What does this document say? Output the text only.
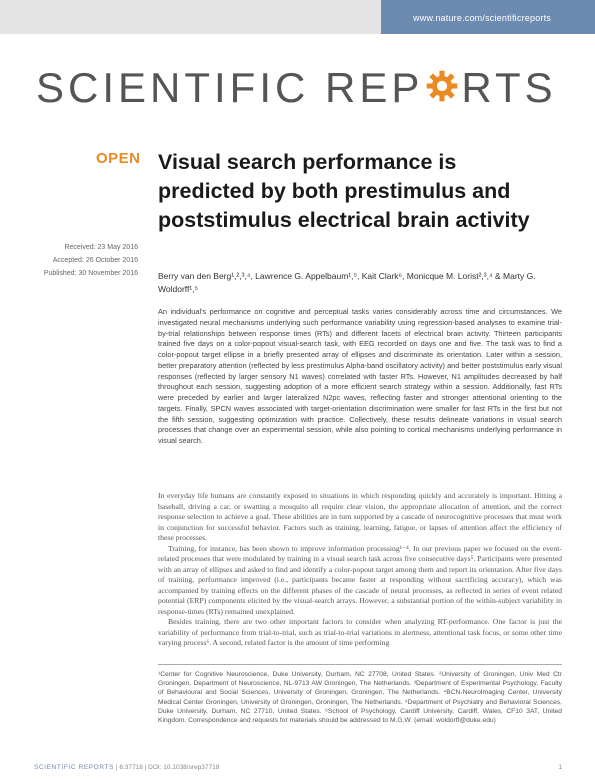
www.nature.com/scientificreports
SCIENTIFIC REP RTS
OPEN Visual search performance is predicted by both prestimulus and poststimulus electrical brain activity
Received: 23 May 2016
Accepted: 26 October 2016
Published: 30 November 2016 Berry van den Berg¹,²,³,⁴, Lawrence G. Appelbaum¹,⁵, Kait Clark⁶, Monicque M. Lorist²,³,⁴ & Marty G. Woldorff¹,⁵
An individual's performance on cognitive and perceptual tasks varies considerably across time and circumstances. We investigated neural mechanisms underlying such performance variability using regression-based analyses to examine trial-by-trial relationships between response times (RTs) and different facets of electrical brain activity. Thirteen participants trained five days on a color-popout visual-search task, with EEG recorded on days one and five. The task was to find a color-popout target ellipse in a briefly presented array of ellipses and discriminate its orientation. Later within a session, better preparatory attention (reflected by less prestimulus Alpha-band oscillatory activity) and better poststimulus early visual responses (reflected by larger sensory N1 waves) correlated with faster RTs. However, N1 amplitudes decreased by half throughout each session, suggesting adoption of a more efficient search strategy within a session. Additionally, fast RTs were preceded by earlier and larger lateralized N2pc waves, reflecting faster and stronger attentional orienting to the targets. Finally, SPCN waves associated with target-orientation discrimination were smaller for fast RTs in the first but not the fifth session, suggesting optimization with practice. Collectively, these results delineate variations in visual search processes that change over an experimental session, while also pointing to cortical mechanisms underlying performance in visual search.

In everyday life humans are constantly exposed to situations in which responding quickly and accurately is important. Hitting a baseball, driving a car, or swatting a mosquito all require clear vision, the appropriate allocation of attention, and the correct response selection to achieve a goal. These abilities are in turn supported by a cascade of neurocognitive processes that must work in conjunction for successful behavior. Factors such as training, learning, fatigue, or lapses of attention affect the efficiency of these processes.

Training, for instance, has been shown to improve information processing¹⁻⁴. In our previous paper we focused on the event-related processes that were modulated by training in a visual search task across five consecutive days⁵. Participants were presented with an array of ellipses and asked to find and identify a color-popout target among them and report its orientation. After five days of training, performance improved (i.e., participants became faster at responding without sacrificing accuracy), which was accompanied by training effects on the different phases of the cascade of neural processes, as reflected in series of event related potential (ERP) components elicited by the visual-search arrays. However, a substantial portion of the within-subject variability in response-times (RTs) remained unexplained.

Besides training, there are two other important factors to consider when analyzing RT-performance. One factor is just the variability of performance from trial-to-trial, such as trial-to-trial variations in alertness, attentional task focus, or some other time varying process⁶. A second, related factor is the amount of time performing

¹Center for Cognitive Neuroscience, Duke University, Durham, NC 27708, United States. ²University of Groningen, Univ Med Ctr Groningen, Department of Neuroscience, NL-9713 AW Groningen, The Netherlands. ³Department of Experimental Psychology, Faculty of Behavioural and Social Sciences, University of Groningen, Groningen, The Netherlands. ⁴BCN-NeuroImaging Center, University Medical Center Groningen, University of Groningen, Groningen, The Netherlands. ⁵Department of Psychiatry and Behavioral Sciences, Duke University, Durham, NC 27710, United States. ⁶School of Psychology, Cardiff University, Cardiff, Wales, CF10 3AT, United Kingdom. Correspondence and requests for materials should be addressed to M.G.W. (email: woldorff@duke.edu)
SCIENTIFIC REPORTS | 6:37718 | DOI: 10.1038/srep37718	1
